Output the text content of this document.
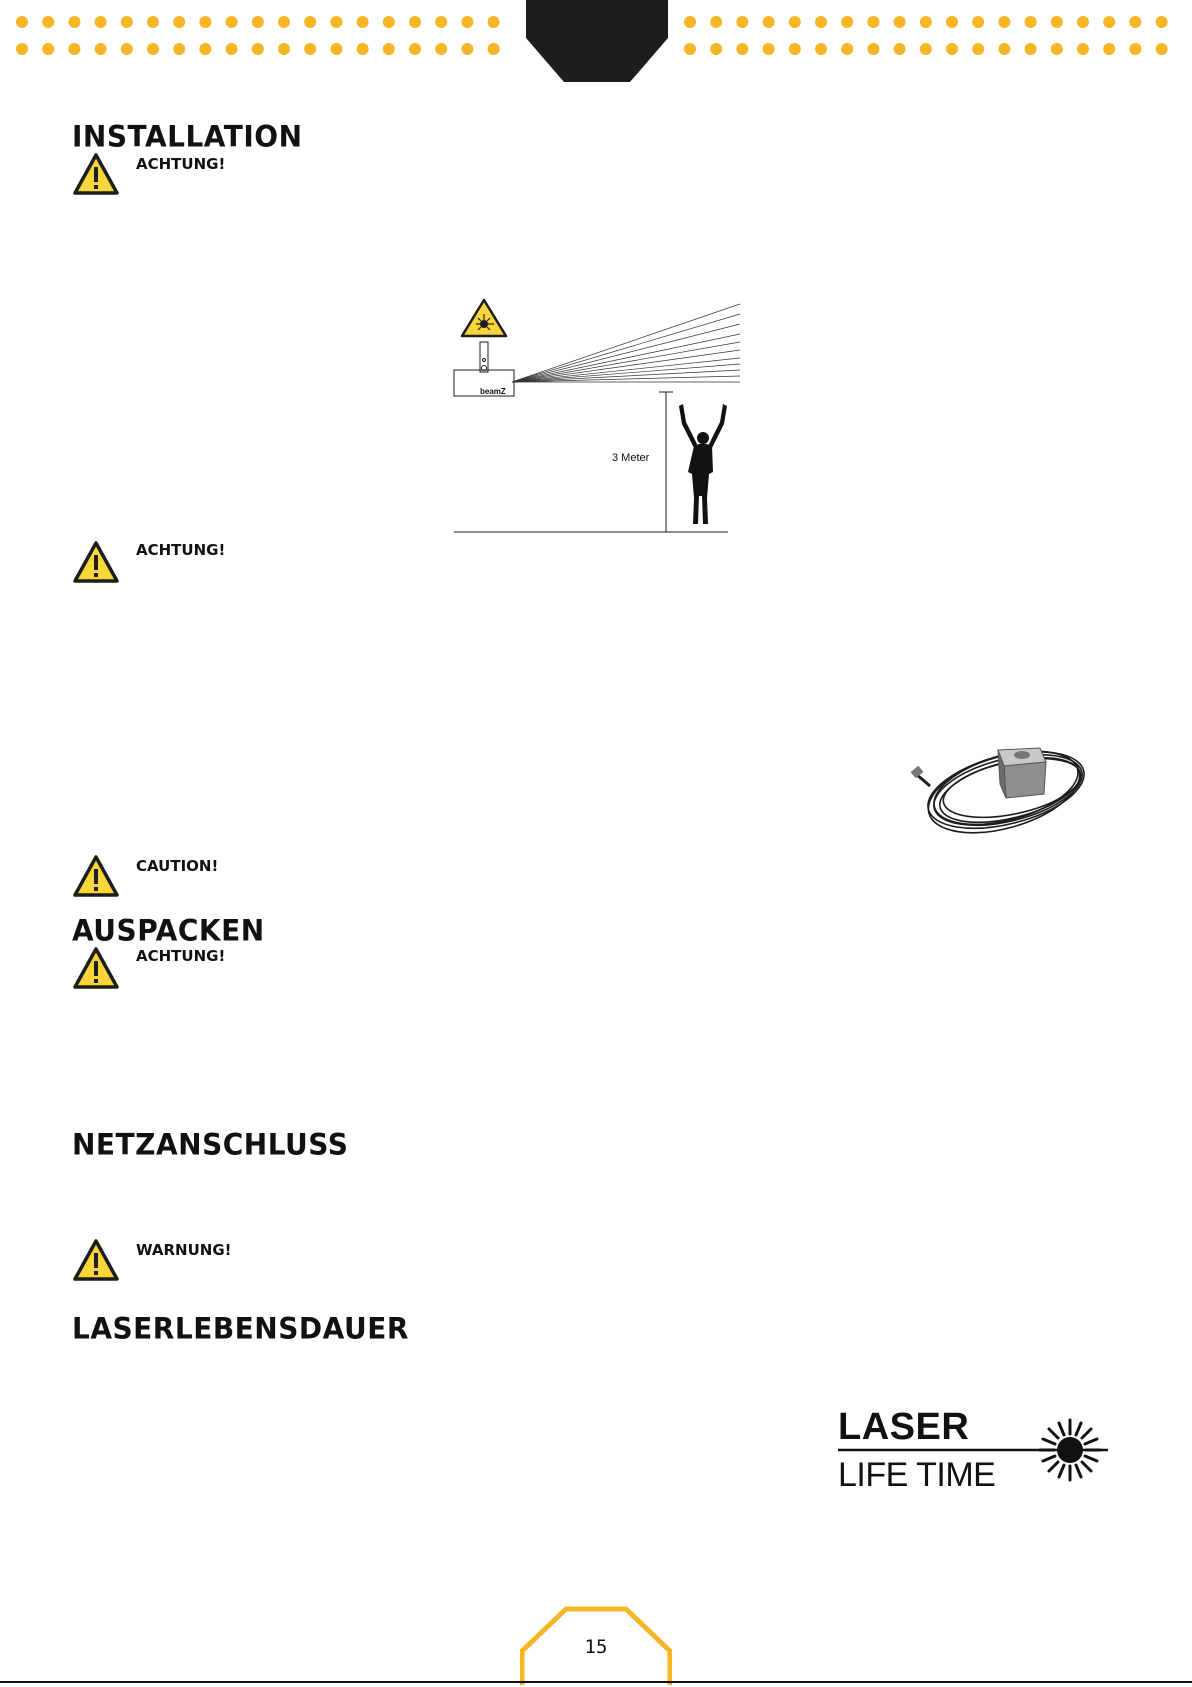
INSTALLATION
AUSPACKEN
NETZANSCHLUSS
LASERLEBENSDAUER

ACHTUNG!

ACHTUNG!

CAUTION!

ACHTUNG!

WARNUNG!

beamZ
3 Meter
LASER
LIFE TIME
15
